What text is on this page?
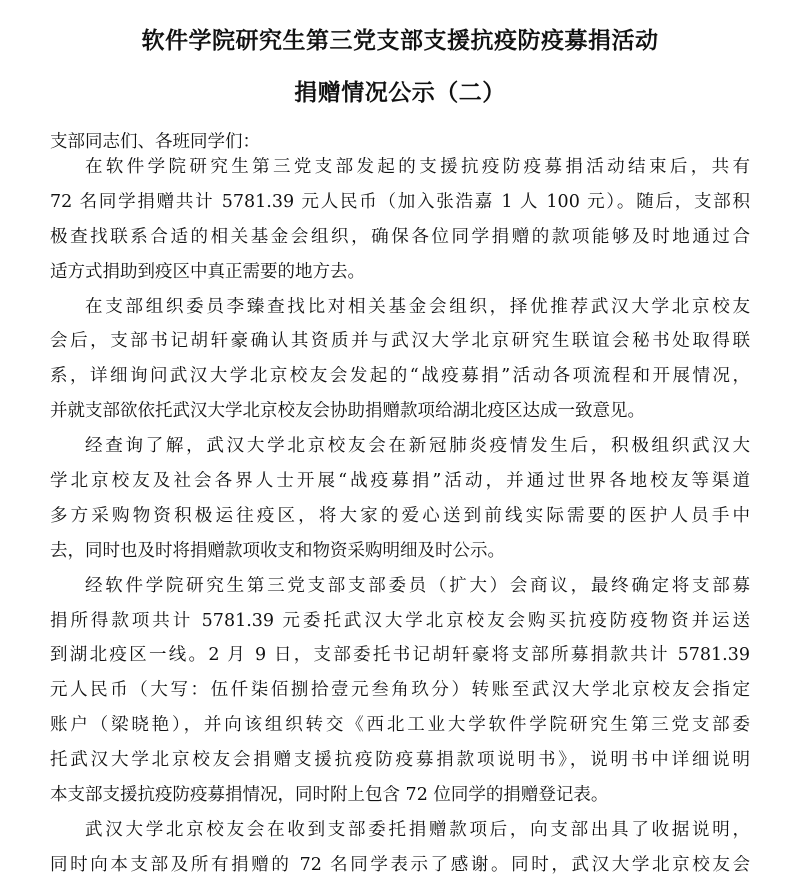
软件学院研究生第三党支部支援抗疫防疫募捐活动
捐赠情况公示（二）
支部同志们、各班同学们：
在软件学院研究生第三党支部发起的支援抗疫防疫募捐活动结束后，共有
72 名同学捐赠共计 5781.39 元人民币（加入张浩嘉 1 人 100 元）。随后，支部积
极查找联系合适的相关基金会组织，确保各位同学捐赠的款项能够及时地通过合
适方式捐助到疫区中真正需要的地方去。
在支部组织委员李臻查找比对相关基金会组织，择优推荐武汉大学北京校友
会后，支部书记胡轩豪确认其资质并与武汉大学北京研究生联谊会秘书处取得联
系，详细询问武汉大学北京校友会发起的“战疫募捐”活动各项流程和开展情况，
并就支部欲依托武汉大学北京校友会协助捐赠款项给湖北疫区达成一致意见。
经查询了解，武汉大学北京校友会在新冠肺炎疫情发生后，积极组织武汉大
学北京校友及社会各界人士开展“战疫募捐”活动，并通过世界各地校友等渠道
多方采购物资积极运往疫区，将大家的爱心送到前线实际需要的医护人员手中
去，同时也及时将捐赠款项收支和物资采购明细及时公示。
经软件学院研究生第三党支部支部委员（扩大）会商议，最终确定将支部募
捐所得款项共计 5781.39 元委托武汉大学北京校友会购买抗疫防疫物资并运送
到湖北疫区一线。2 月 9 日，支部委托书记胡轩豪将支部所募捐款共计 5781.39
元人民币（大写：伍仟柒佰捌拾壹元叁角玖分）转账至武汉大学北京校友会指定
账户（梁晓艳），并向该组织转交《西北工业大学软件学院研究生第三党支部委
托武汉大学北京校友会捐赠支援抗疫防疫募捐款项说明书》，说明书中详细说明
本支部支援抗疫防疫募捐情况，同时附上包含 72 位同学的捐赠登记表。
武汉大学北京校友会在收到支部委托捐赠款项后，向支部出具了收据说明，
同时向本支部及所有捐赠的 72 名同学表示了感谢。同时，武汉大学北京校友会
